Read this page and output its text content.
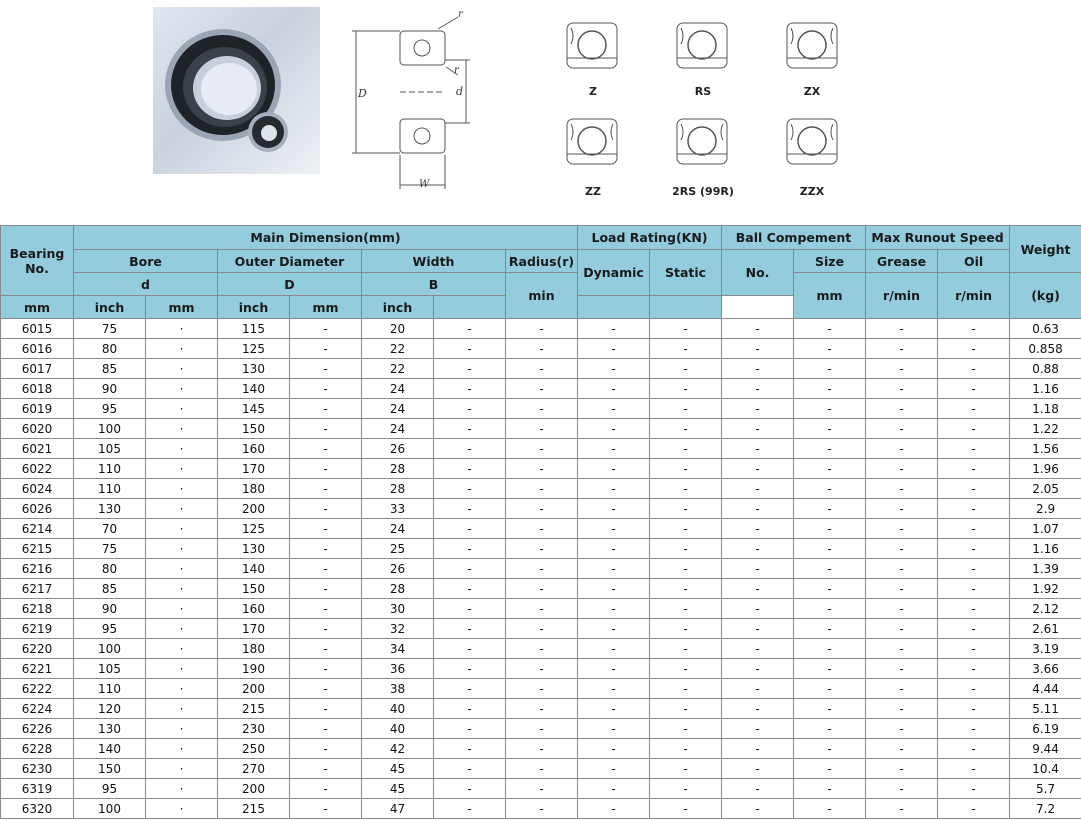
D	d
r
r
W
Z	RS	ZX
ZZ	2RS (99R)	ZZX
Bearing No.	Main Dimension(mm)							Load Rating(KN)		Ball Compement		Max Runout Speed		Weight
	Bore		Outer Diameter		Width		Radius(r)	Dynamic	Static	No.	Size	Grease	Oil	
	d		D		B		min				mm	r/min	r/min	(kg)
mm	inch	mm	inch	mm	inch									
6015	75	·	115	-	20	-	-	-	-	-	-	-	-	0.63
6016	80	·	125	-	22	-	-	-	-	-	-	-	-	0.858
6017	85	·	130	-	22	-	-	-	-	-	-	-	-	0.88
6018	90	·	140	-	24	-	-	-	-	-	-	-	-	1.16
6019	95	·	145	-	24	-	-	-	-	-	-	-	-	1.18
6020	100	·	150	-	24	-	-	-	-	-	-	-	-	1.22
6021	105	·	160	-	26	-	-	-	-	-	-	-	-	1.56
6022	110	·	170	-	28	-	-	-	-	-	-	-	-	1.96
6024	110	·	180	-	28	-	-	-	-	-	-	-	-	2.05
6026	130	·	200	-	33	-	-	-	-	-	-	-	-	2.9
6214	70	·	125	-	24	-	-	-	-	-	-	-	-	1.07
6215	75	·	130	-	25	-	-	-	-	-	-	-	-	1.16
6216	80	·	140	-	26	-	-	-	-	-	-	-	-	1.39
6217	85	·	150	-	28	-	-	-	-	-	-	-	-	1.92
6218	90	·	160	-	30	-	-	-	-	-	-	-	-	2.12
6219	95	·	170	-	32	-	-	-	-	-	-	-	-	2.61
6220	100	·	180	-	34	-	-	-	-	-	-	-	-	3.19
6221	105	·	190	-	36	-	-	-	-	-	-	-	-	3.66
6222	110	·	200	-	38	-	-	-	-	-	-	-	-	4.44
6224	120	·	215	-	40	-	-	-	-	-	-	-	-	5.11
6226	130	·	230	-	40	-	-	-	-	-	-	-	-	6.19
6228	140	·	250	-	42	-	-	-	-	-	-	-	-	9.44
6230	150	·	270	-	45	-	-	-	-	-	-	-	-	10.4
6319	95	·	200	-	45	-	-	-	-	-	-	-	-	5.7
6320	100	·	215	-	47	-	-	-	-	-	-	-	-	7.2
